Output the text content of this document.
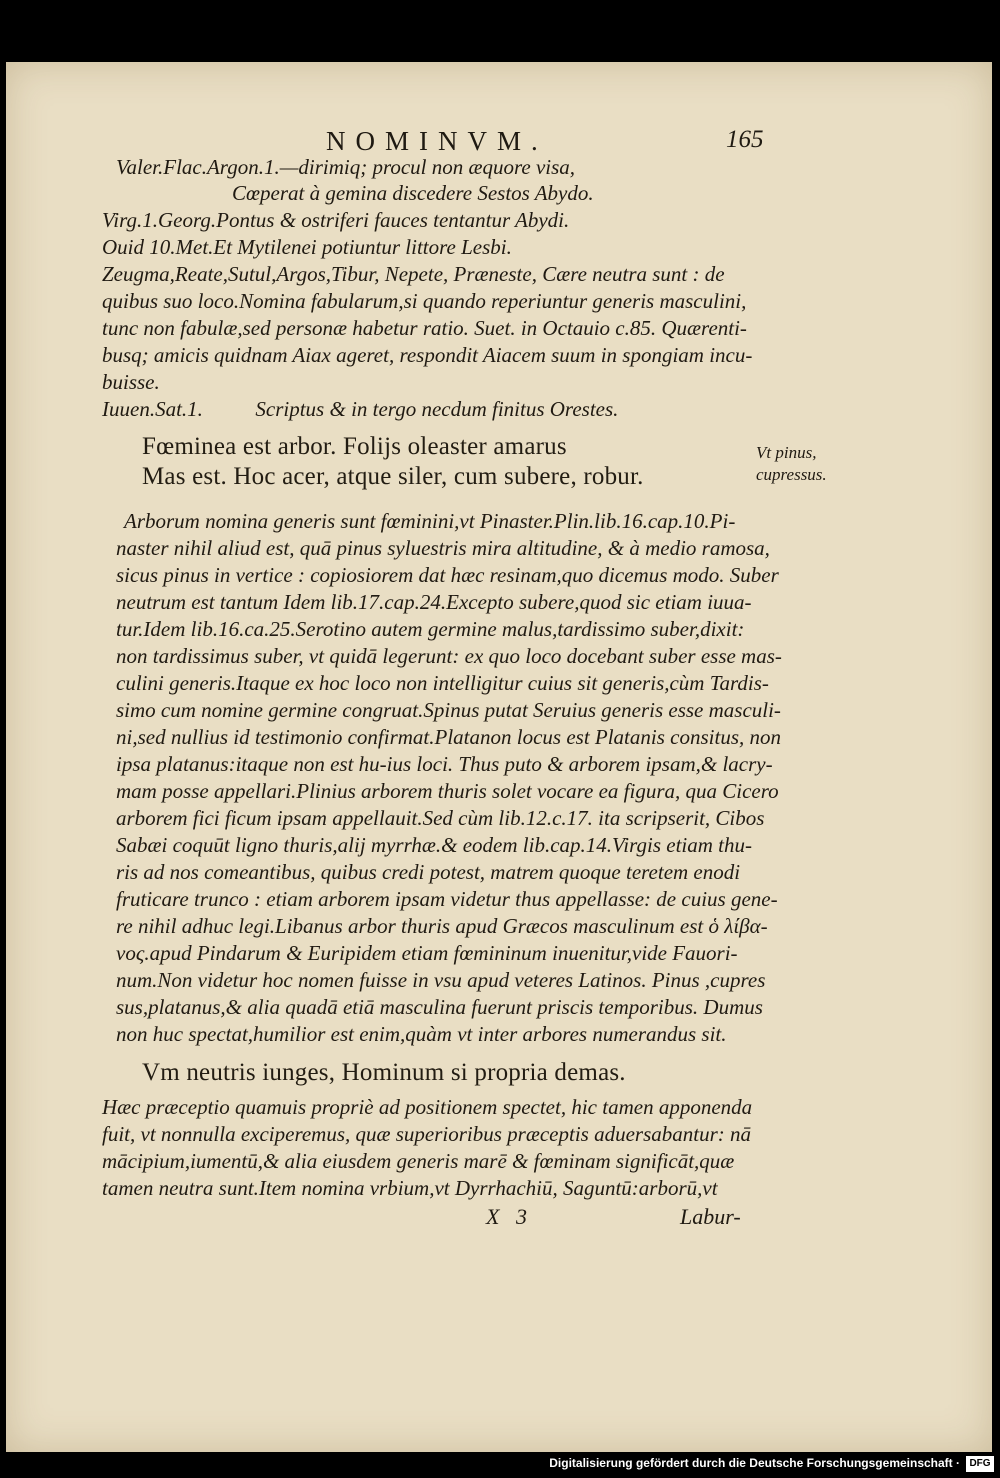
NOMINVM.	165
Valer.Flac.Argon.1.—dirimiq; procul non æquore visa,
Cœperat à gemina discedere Sestos Abydo.
Virg.1.Georg.Pontus & ostriferi fauces tentantur Abydi.
Ouid 10.Met.Et Mytilenei potiuntur littore Lesbi.
Zeugma,Reate,Sutul,Argos,Tibur, Nepete, Præneste, Cære neutra sunt : de
quibus suo loco.Nomina fabularum,si quando reperiuntur generis masculini,
tunc non fabulæ,sed personæ habetur ratio. Suet. in Octauio c.85. Quærenti-
busq; amicis quidnam Aiax ageret, respondit Aiacem suum in spongiam incu-
buisse.
Iuuen.Sat.1.          Scriptus & in tergo necdum finitus Orestes.
Fœminea est arbor. Folijs oleaster amarus
Mas est. Hoc acer, atque siler, cum subere, robur.
Vt pinus,
cupressus.
Arborum nomina generis sunt fœminini,vt Pinaster.Plin.lib.16.cap.10.Pi-
naster nihil aliud est, quā pinus syluestris mira altitudine, & à medio ramosa,
sicus pinus in vertice : copiosiorem dat hæc resinam,quo dicemus modo. Suber
neutrum est tantum Idem lib.17.cap.24.Excepto subere,quod sic etiam iuua-
tur.Idem lib.16.ca.25.Serotino autem germine malus,tardissimo suber,dixit:
non tardissimus suber, vt quidā legerunt: ex quo loco docebant suber esse mas-
culini generis.Itaque ex hoc loco non intelligitur cuius sit generis,cùm Tardis-
simo cum nomine germine congruat.Spinus putat Seruius generis esse masculi-
ni,sed nullius id testimonio confirmat.Platanon locus est Platanis consitus, non
ipsa platanus:itaque non est hu-ius loci. Thus puto & arborem ipsam,& lacry-
mam posse appellari.Plinius arborem thuris solet vocare ea figura, qua Cicero
arborem fici ficum ipsam appellauit.Sed cùm lib.12.c.17. ita scripserit, Cibos
Sabæi coquūt ligno thuris,alij myrrhæ.& eodem lib.cap.14.Virgis etiam thu-
ris ad nos comeantibus, quibus credi potest, matrem quoque teretem enodi
fruticare trunco : etiam arborem ipsam videtur thus appellasse: de cuius gene-
re nihil adhuc legi.Libanus arbor thuris apud Græcos masculinum est ὁ λίβα-
νος.apud Pindarum & Euripidem etiam fœmininum inuenitur,vide Fauori-
num.Non videtur hoc nomen fuisse in vsu apud veteres Latinos. Pinus ,cupres
sus,platanus,& alia quadā etiā masculina fuerunt priscis temporibus. Dumus
non huc spectat,humilior est enim,quàm vt inter arbores numerandus sit.
Vm neutris iunges, Hominum si propria demas.
Hæc præceptio quamuis propriè ad positionem spectet, hic tamen apponenda
fuit, vt nonnulla exciperemus, quæ superioribus præceptis aduersabantur: nā
mācipium,iumentū,& alia eiusdem generis marē & fœminam significāt,quæ
tamen neutra sunt.Item nomina vrbium,vt Dyrrhachiū, Saguntū:arborū,vt
X   3	Labur-
Digitalisierung gefördert durch die Deutsche Forschungsgemeinschaft · DFG
